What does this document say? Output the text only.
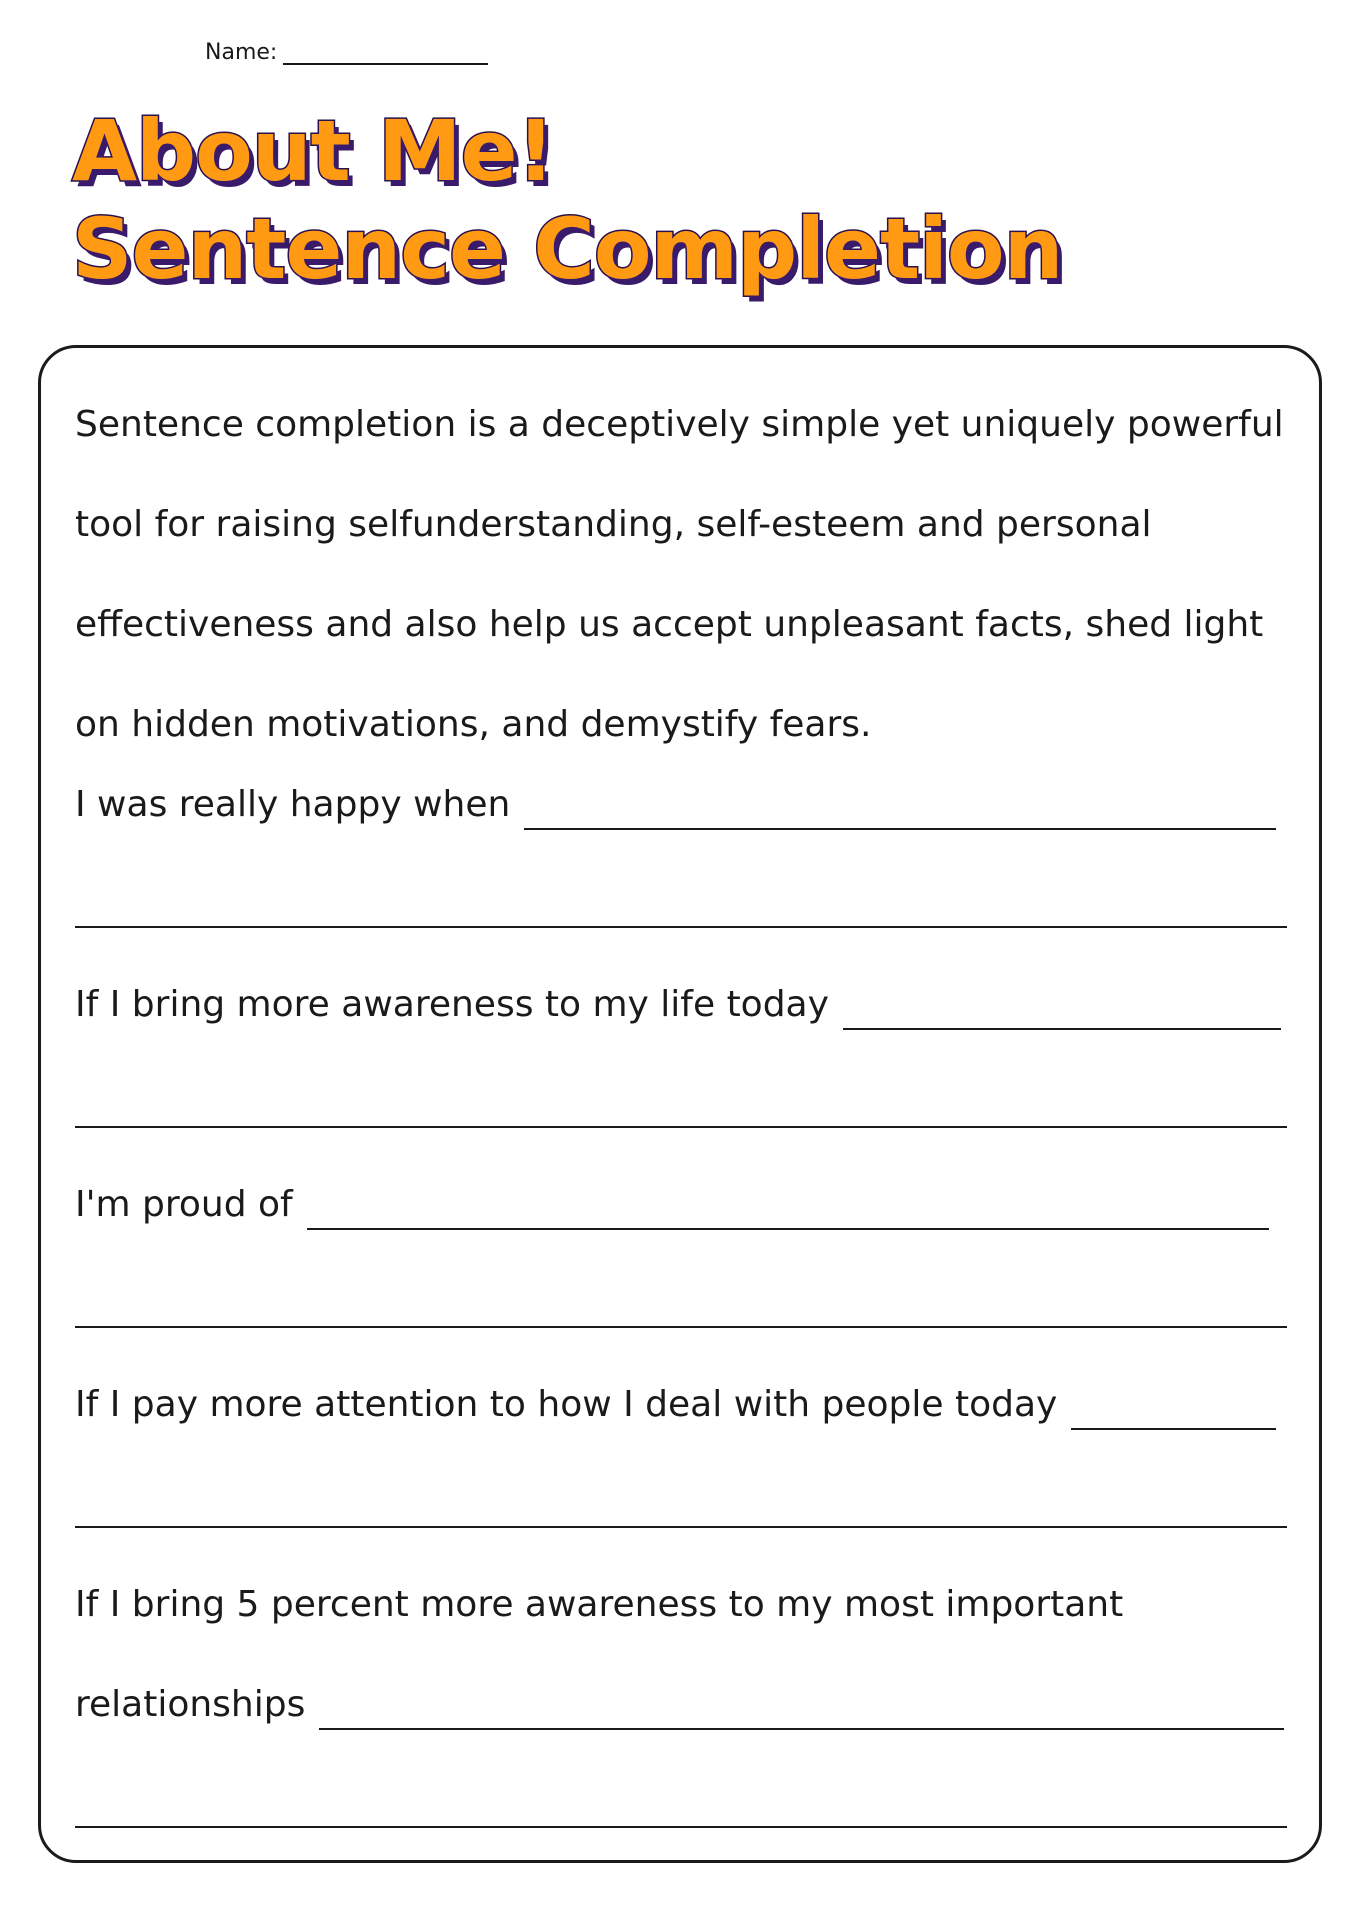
Name:
About Me!
Sentence Completion

Sentence completion is a deceptively simple yet uniquely powerful
tool for raising selfunderstanding, self-esteem and personal
effectiveness and also help us accept unpleasant facts, shed light
on hidden motivations, and demystify fears.

I was really happy when
If I bring more awareness to my life today
I'm proud of
If I pay more attention to how I deal with people today
If I bring 5 percent more awareness to my most important
relationships
